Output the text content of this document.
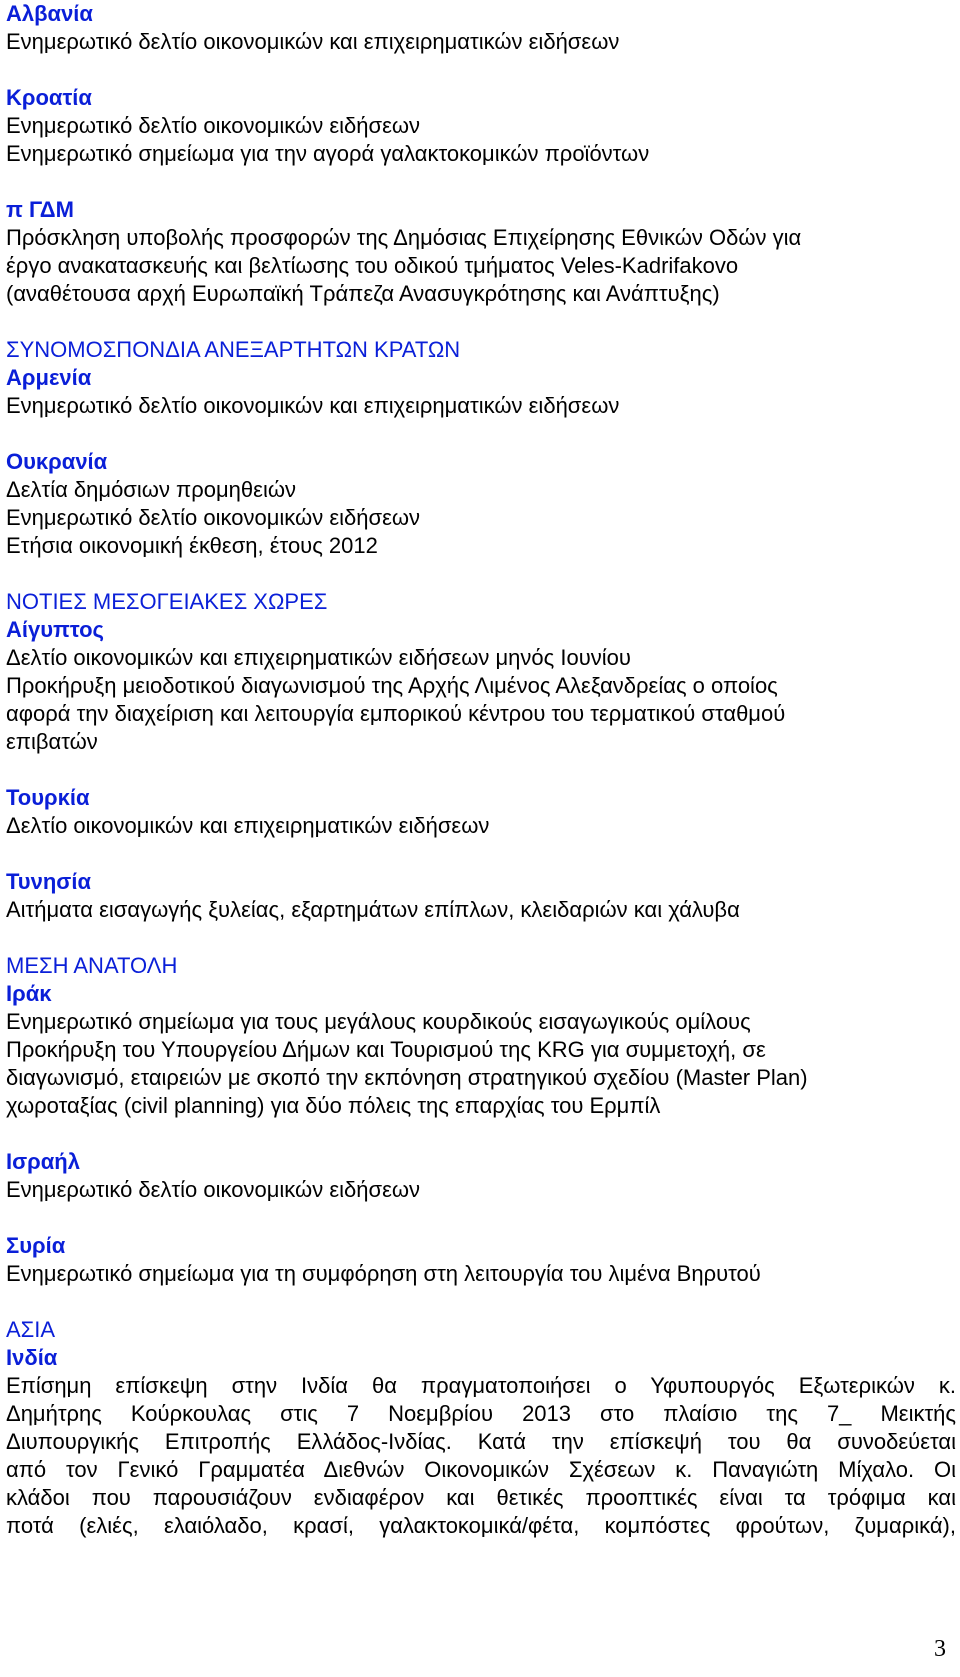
Αλβανία
Ενημερωτικό δελτίο οικονομικών και επιχειρηματικών ειδήσεων
Κροατία
Ενημερωτικό δελτίο οικονομικών ειδήσεων
Ενημερωτικό σημείωμα για την αγορά γαλακτοκομικών προϊόντων
π ΓΔΜ
Πρόσκληση υποβολής προσφορών της Δημόσιας Επιχείρησης Εθνικών Οδών για
έργο ανακατασκευής και βελτίωσης του οδικού τμήματος Veles-Kadrifakovo
(αναθέτουσα αρχή Ευρωπαϊκή Τράπεζα Ανασυγκρότησης και Ανάπτυξης)
ΣΥΝΟΜΟΣΠΟΝΔΙΑ ΑΝΕΞΑΡΤΗΤΩΝ ΚΡΑΤΩΝ
Αρμενία
Ενημερωτικό δελτίο οικονομικών και επιχειρηματικών ειδήσεων
Ουκρανία
Δελτία δημόσιων προμηθειών
Ενημερωτικό δελτίο οικονομικών ειδήσεων
Ετήσια οικονομική έκθεση, έτους 2012
ΝΟΤΙΕΣ ΜΕΣΟΓΕΙΑΚΕΣ ΧΩΡΕΣ
Αίγυπτος
Δελτίο οικονομικών και επιχειρηματικών ειδήσεων μηνός Ιουνίου
Προκήρυξη μειοδοτικού διαγωνισμού της Αρχής Λιμένος Αλεξανδρείας ο οποίος
αφορά την διαχείριση και λειτουργία εμπορικού κέντρου του τερματικού σταθμού
επιβατών
Τουρκία
Δελτίο οικονομικών και επιχειρηματικών ειδήσεων
Τυνησία
Αιτήματα εισαγωγής ξυλείας, εξαρτημάτων επίπλων, κλειδαριών και χάλυβα
ΜΕΣΗ ΑΝΑΤΟΛΗ
Ιράκ
Ενημερωτικό σημείωμα για τους μεγάλους κουρδικούς εισαγωγικούς ομίλους
Προκήρυξη του Υπουργείου Δήμων και Τουρισμού της KRG για συμμετοχή, σε
διαγωνισμό, εταιρειών με σκοπό την εκπόνηση στρατηγικού σχεδίου (Master Plan)
χωροταξίας (civil planning) για δύο πόλεις της επαρχίας του Ερμπίλ
Ισραήλ
Ενημερωτικό δελτίο οικονομικών ειδήσεων
Συρία
Ενημερωτικό σημείωμα για τη συμφόρηση στη λειτουργία του λιμένα Βηρυτού
ΑΣΙΑ
Ινδία
Επίσημη επίσκεψη στην Ινδία θα πραγματοποιήσει ο Υφυπουργός Εξωτερικών κ.
Δημήτρης Κούρκουλας στις 7 Νοεμβρίου 2013 στο πλαίσιο της 7_ Μεικτής
Διυπουργικής Επιτροπής Ελλάδος-Ινδίας. Κατά την επίσκεψή του θα συνοδεύεται
από τον Γενικό Γραμματέα Διεθνών Οικονομικών Σχέσεων κ. Παναγιώτη Μίχαλο. Οι
κλάδοι που παρουσιάζουν ενδιαφέρον και θετικές προοπτικές είναι τα τρόφιμα και
ποτά (ελιές, ελαιόλαδο, κρασί, γαλακτοκομικά/φέτα, κομπόστες φρούτων, ζυμαρικά),
3
